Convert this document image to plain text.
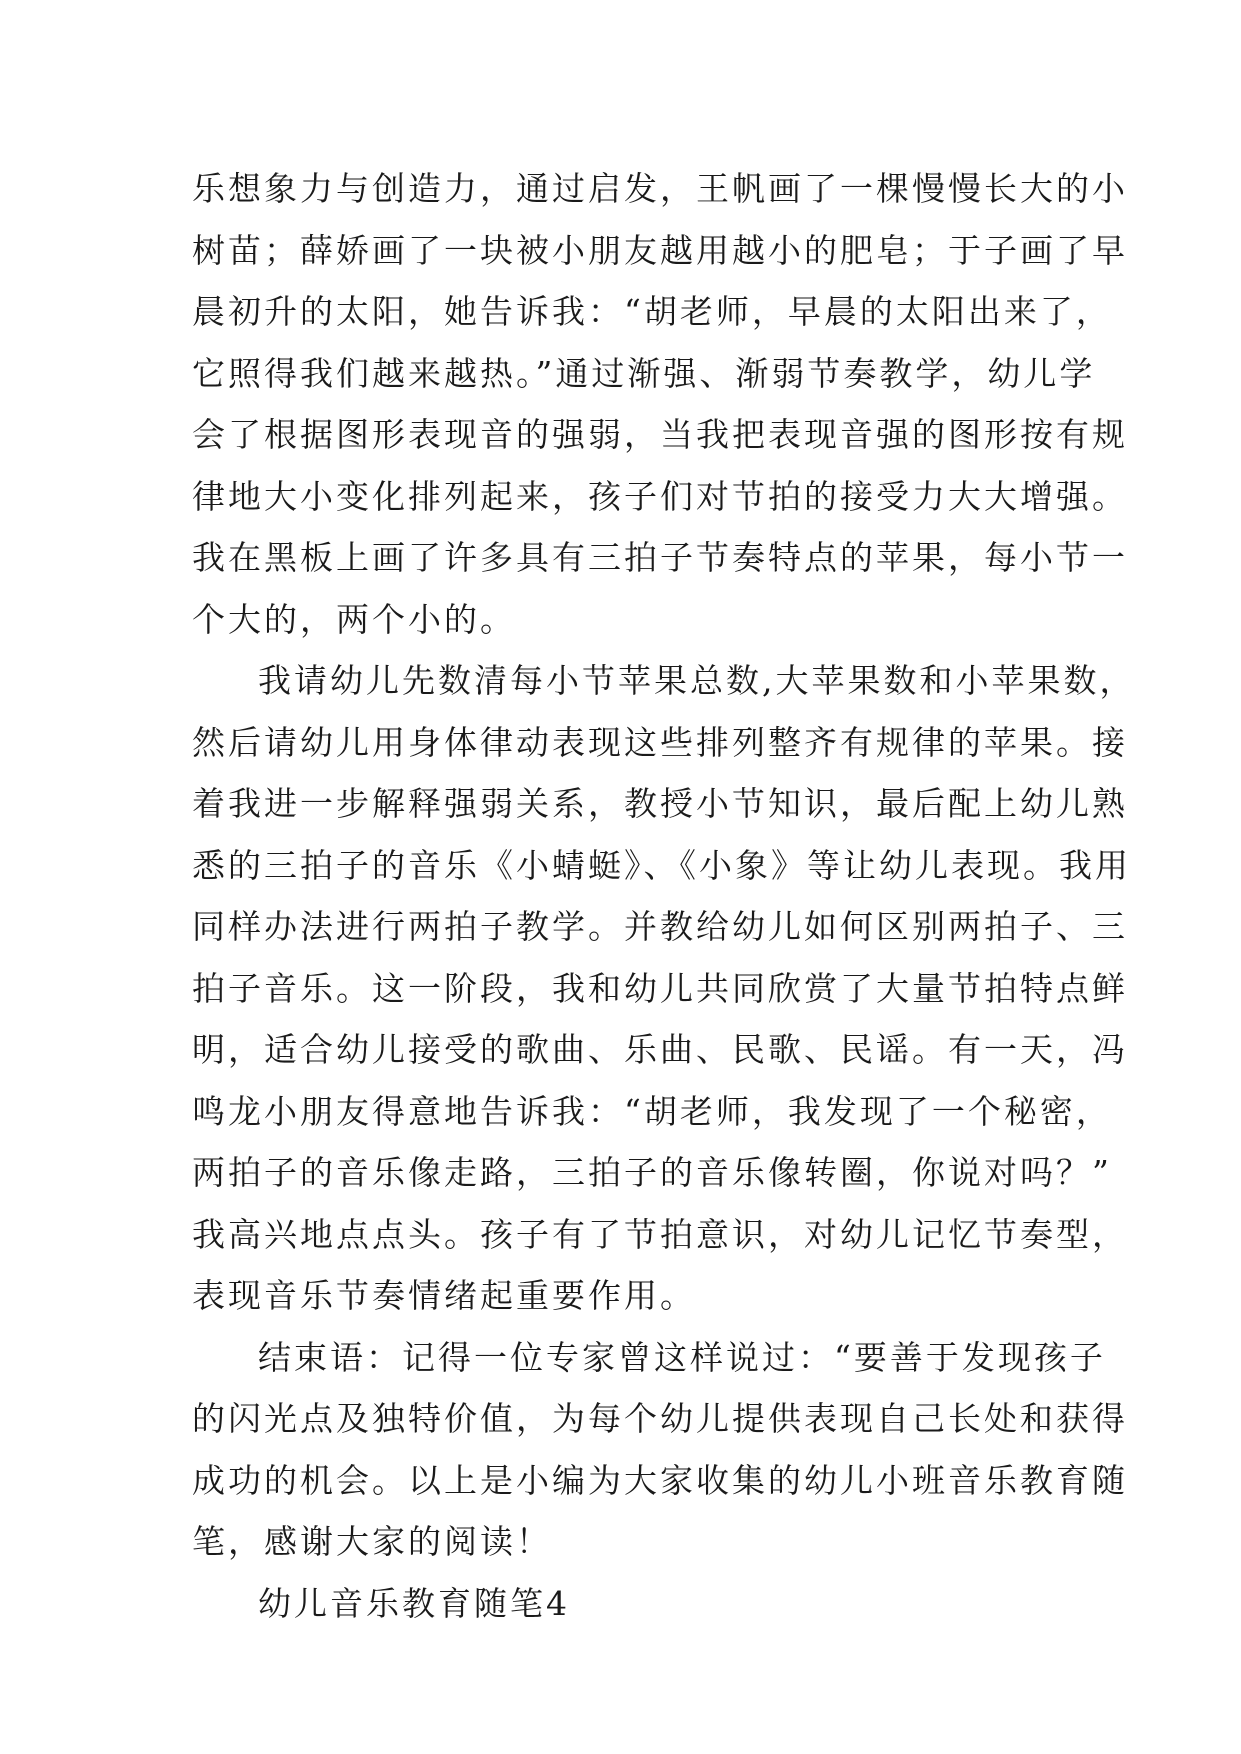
乐想象力与创造力，通过启发，王帆画了一棵慢慢长大的小
树苗；薛娇画了一块被小朋友越用越小的肥皂；于子画了早
晨初升的太阳，她告诉我：“胡老师，早晨的太阳出来了，
它照得我们越来越热。”通过渐强、渐弱节奏教学，幼儿学
会了根据图形表现音的强弱，当我把表现音强的图形按有规
律地大小变化排列起来，孩子们对节拍的接受力大大增强。
我在黑板上画了许多具有三拍子节奏特点的苹果，每小节一
个大的，两个小的。
我请幼儿先数清每小节苹果总数,大苹果数和小苹果数，
然后请幼儿用身体律动表现这些排列整齐有规律的苹果。接
着我进一步解释强弱关系，教授小节知识，最后配上幼儿熟
悉的三拍子的音乐《小蜻蜓》、《小象》等让幼儿表现。我用
同样办法进行两拍子教学。并教给幼儿如何区别两拍子、三
拍子音乐。这一阶段，我和幼儿共同欣赏了大量节拍特点鲜
明，适合幼儿接受的歌曲、乐曲、民歌、民谣。有一天，冯
鸣龙小朋友得意地告诉我：“胡老师，我发现了一个秘密，
两拍子的音乐像走路，三拍子的音乐像转圈，你说对吗？”
我高兴地点点头。孩子有了节拍意识，对幼儿记忆节奏型，
表现音乐节奏情绪起重要作用。
结束语：记得一位专家曾这样说过：“要善于发现孩子
的闪光点及独特价值，为每个幼儿提供表现自己长处和获得
成功的机会。以上是小编为大家收集的幼儿小班音乐教育随
笔，感谢大家的阅读！
幼儿音乐教育随笔4
